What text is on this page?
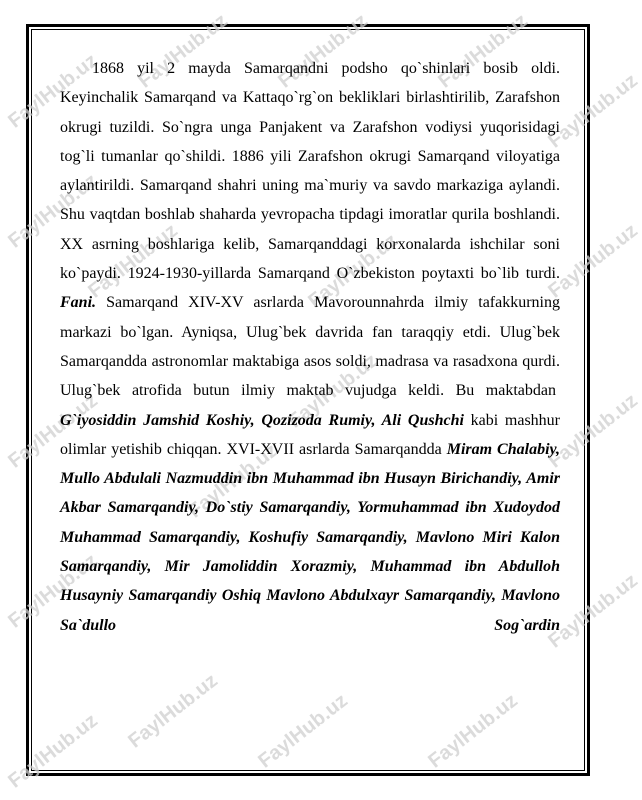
FaylHub.uz FaylHub.uz FaylHub.uz	FaylHub.uz
FaylHub.uz
FaylHub.uz
FaylHub.uz	FaylHub.uz	FaylHub.uz
FaylHub.uz	FaylHub.uz	FaylHub.uz
FaylHub.uz
FaylHub.uz
FaylHub.uz FaylHub.uz	FaylHub.uz
FaylHub.uz
FaylHub.uz

1868 yil 2 mayda Samarqandni podsho qo`shinlari bosib oldi. Keyinchalik Samarqand va Kattaqo`rg`on bekliklari birlashtirilib, Zarafshon okrugi tuzildi. So`ngra unga Panjakent va Zarafshon vodiysi yuqorisidagi tog`li tumanlar qo`shildi. 1886 yili Zarafshon okrugi Samarqand viloyatiga aylantirildi. Samarqand shahri uning ma`muriy va savdo markaziga aylandi. Shu vaqtdan boshlab shaharda yevropacha tipdagi imoratlar qurila boshlandi. XX asrning boshlariga kelib, Samarqanddagi korxonalarda ishchilar soni ko`paydi. 1924-1930-yillarda Samarqand O`zbekiston poytaxti bo`lib turdi. Fani. Samarqand XIV-XV asrlarda Mavorounnahrda ilmiy tafakkurning markazi bo`lgan. Ayniqsa, Ulug`bek davrida fan taraqqiy etdi. Ulug`bek Samarqandda astronomlar maktabiga asos soldi, madrasa va rasadxona qurdi. Ulug`bek atrofida butun ilmiy maktab vujudga keldi. Bu maktabdan  G`iyosiddin Jamshid Koshiy, Qozizoda Rumiy, Ali Qushchi kabi mashhur olimlar yetishib chiqqan. XVI-XVII asrlarda Samarqandda Miram Chalabiy, Mullo Abdulali Nazmuddin ibn Muhammad ibn Husayn Birichandiy, Amir Akbar Samarqandiy, Do`stiy Samarqandiy, Yormuhammad ibn Xudoydod Muhammad Samarqandiy, Koshufiy Samarqandiy, Mavlono Miri Kalon Samarqandiy, Mir Jamoliddin Xorazmiy, Muhammad ibn Abdulloh Husayniy Samarqandiy Oshiq Mavlono Abdulxayr Samarqandiy, Mavlono Sa`dullo Sog`ardin
